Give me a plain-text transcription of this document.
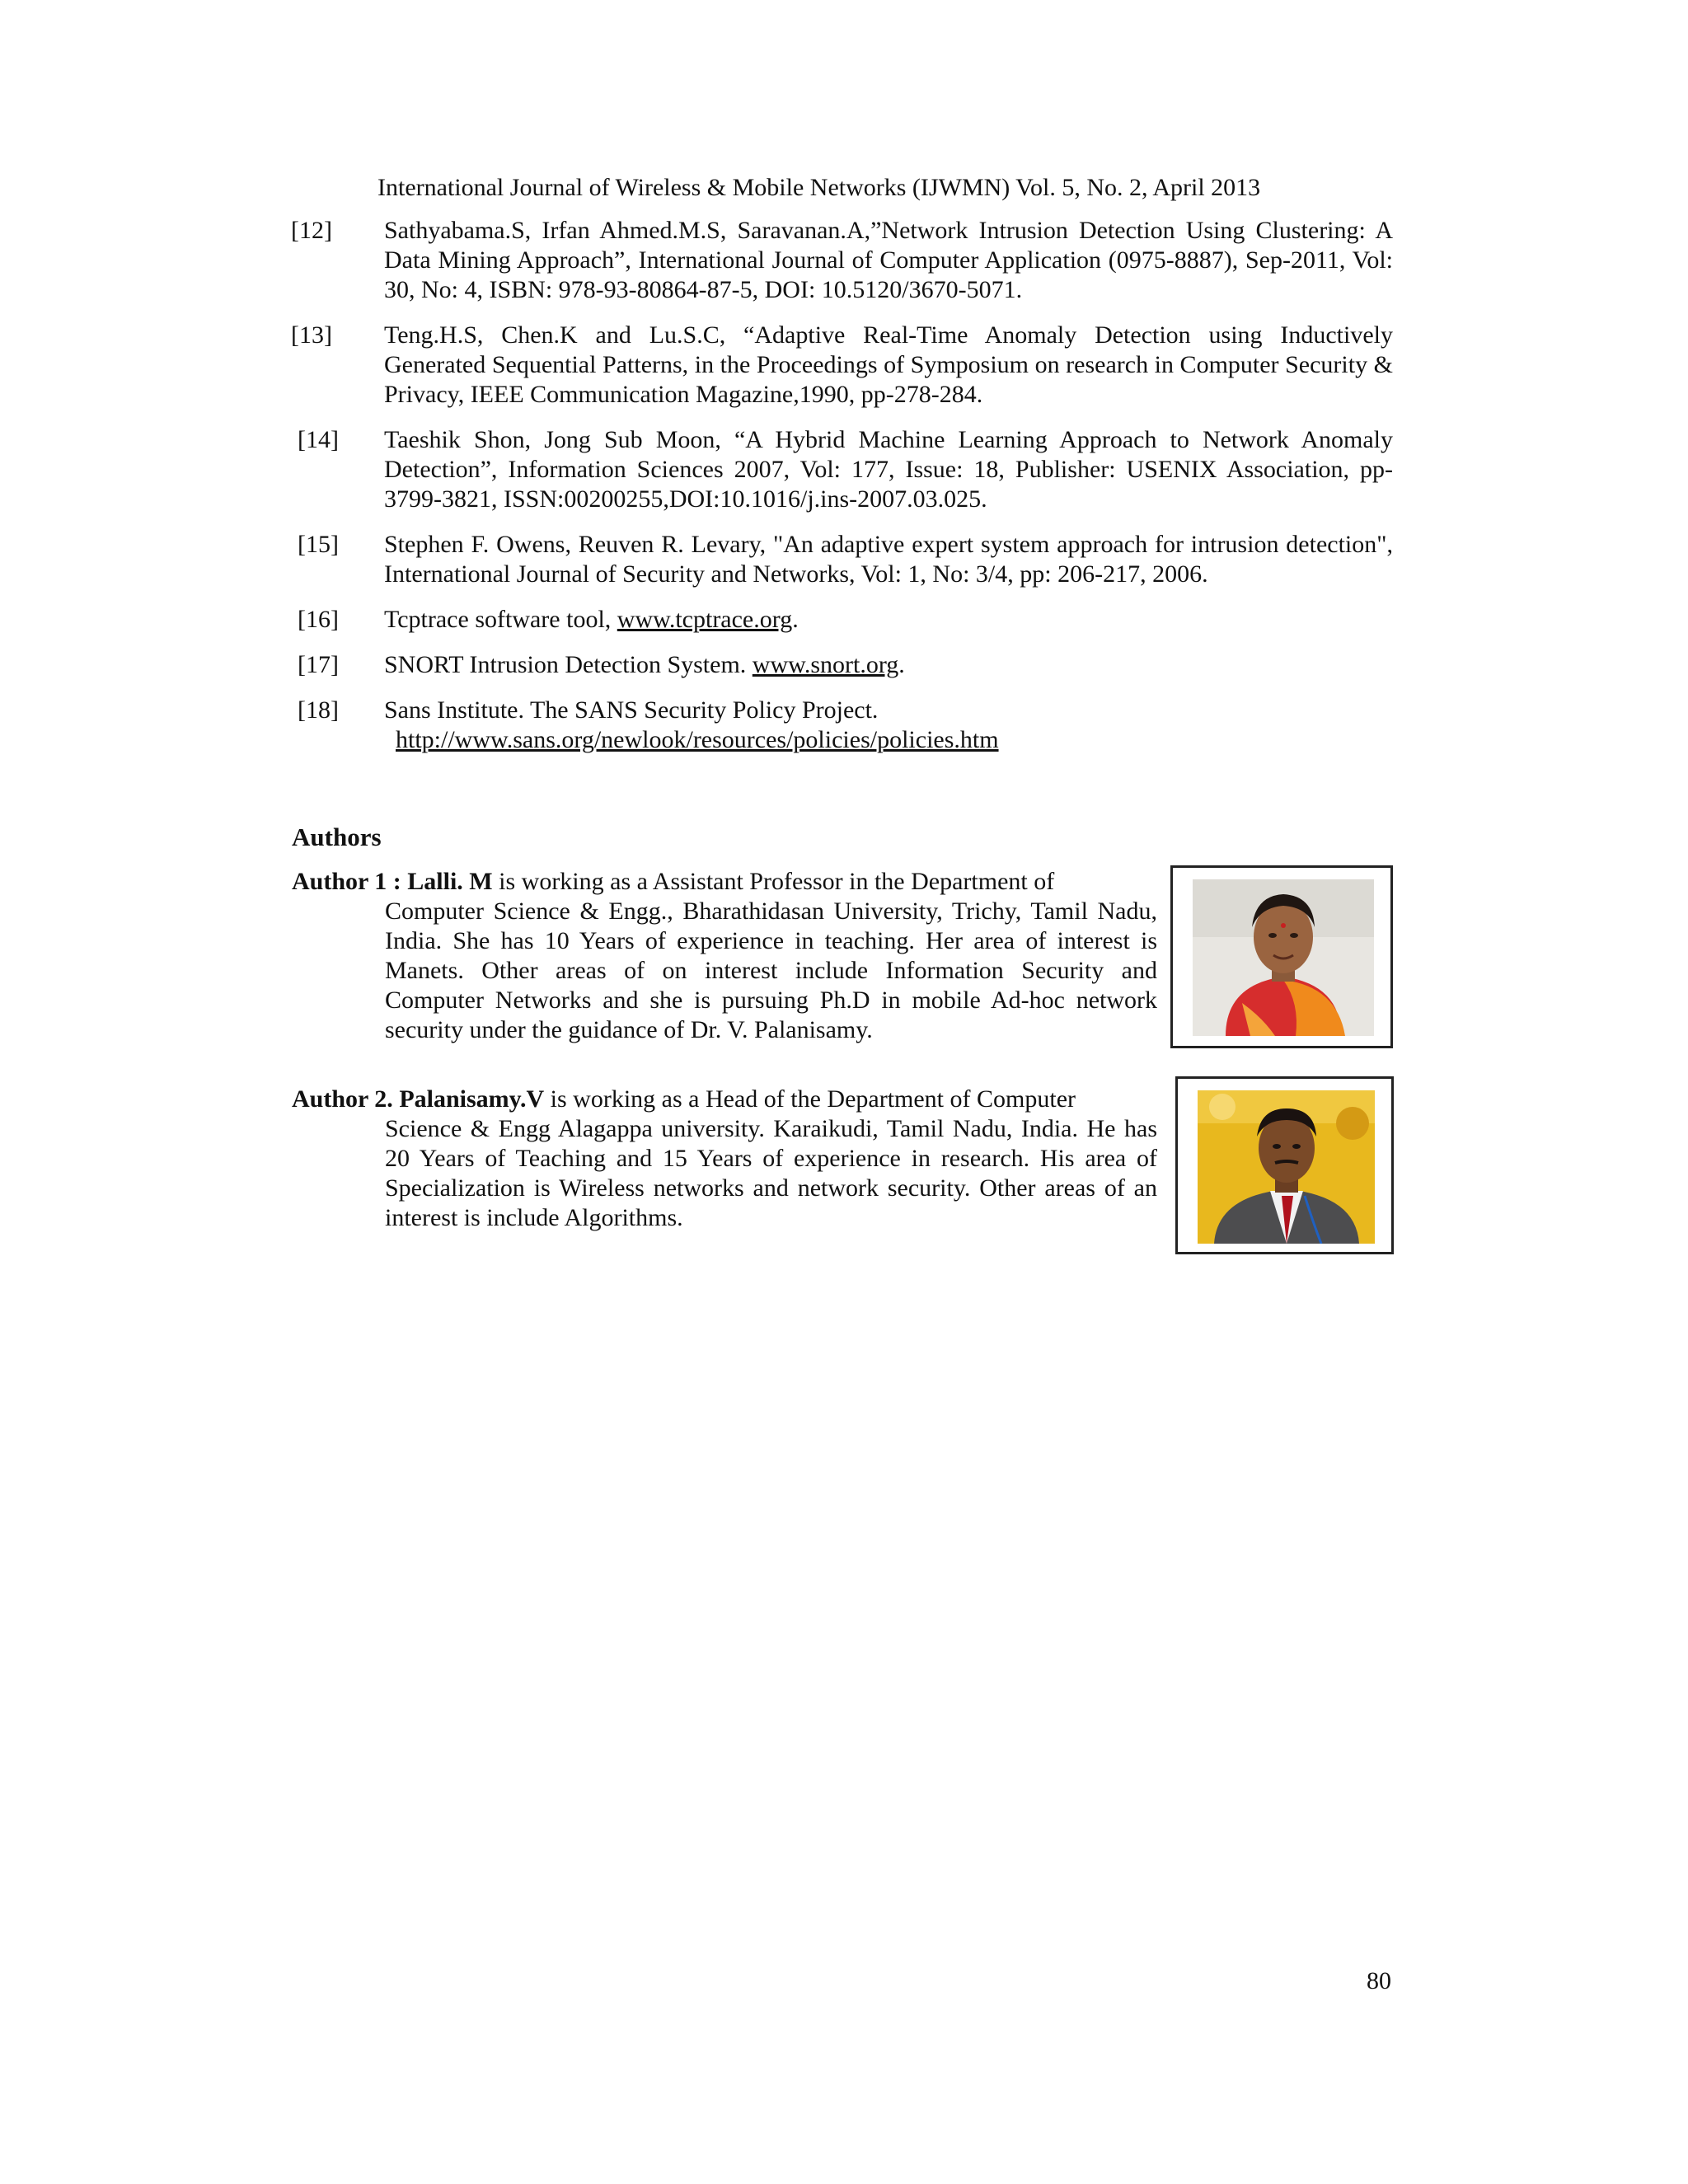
International Journal of Wireless & Mobile Networks (IJWMN) Vol. 5, No. 2, April 2013
[12] Sathyabama.S, Irfan Ahmed.M.S, Saravanan.A,”Network Intrusion Detection Using Clustering: A Data Mining Approach”, International Journal of Computer Application (0975-8887), Sep-2011, Vol: 30, No: 4, ISBN: 978-93-80864-87-5, DOI: 10.5120/3670-5071.
[13] Teng.H.S, Chen.K and Lu.S.C, “Adaptive Real-Time Anomaly Detection using Inductively Generated Sequential Patterns, in the Proceedings of Symposium on research in Computer Security & Privacy, IEEE Communication Magazine,1990, pp-278-284.
[14] Taeshik Shon, Jong Sub Moon, “A Hybrid Machine Learning Approach to Network Anomaly Detection”, Information Sciences 2007, Vol: 177, Issue: 18, Publisher: USENIX Association, pp- 3799-3821, ISSN:00200255,DOI:10.1016/j.ins-2007.03.025.
[15] Stephen F. Owens, Reuven R. Levary, "An adaptive expert system approach for intrusion detection", International Journal of Security and Networks, Vol: 1, No: 3/4, pp: 206-217, 2006.
[16] Tcptrace software tool, www.tcptrace.org.
[17] SNORT Intrusion Detection System. www.snort.org.
[18] Sans Institute. The SANS Security Policy Project.
http://www.sans.org/newlook/resources/policies/policies.htm
Authors
Author 1 : Lalli. M is working as a Assistant Professor in the Department of
Computer Science & Engg., Bharathidasan University, Trichy, Tamil Nadu, India. She has 10 Years of experience in teaching. Her area of interest is Manets. Other areas of on interest include Information Security and Computer Networks and she is pursuing Ph.D in mobile Ad-hoc network security under the guidance of Dr. V. Palanisamy.
Author 2. Palanisamy.V is working as a Head of the Department of Computer
Science & Engg Alagappa university. Karaikudi, Tamil Nadu, India. He has 20 Years of Teaching and 15 Years of experience in research. His area of Specialization is Wireless networks and network security. Other areas of an interest is include Algorithms.
80
